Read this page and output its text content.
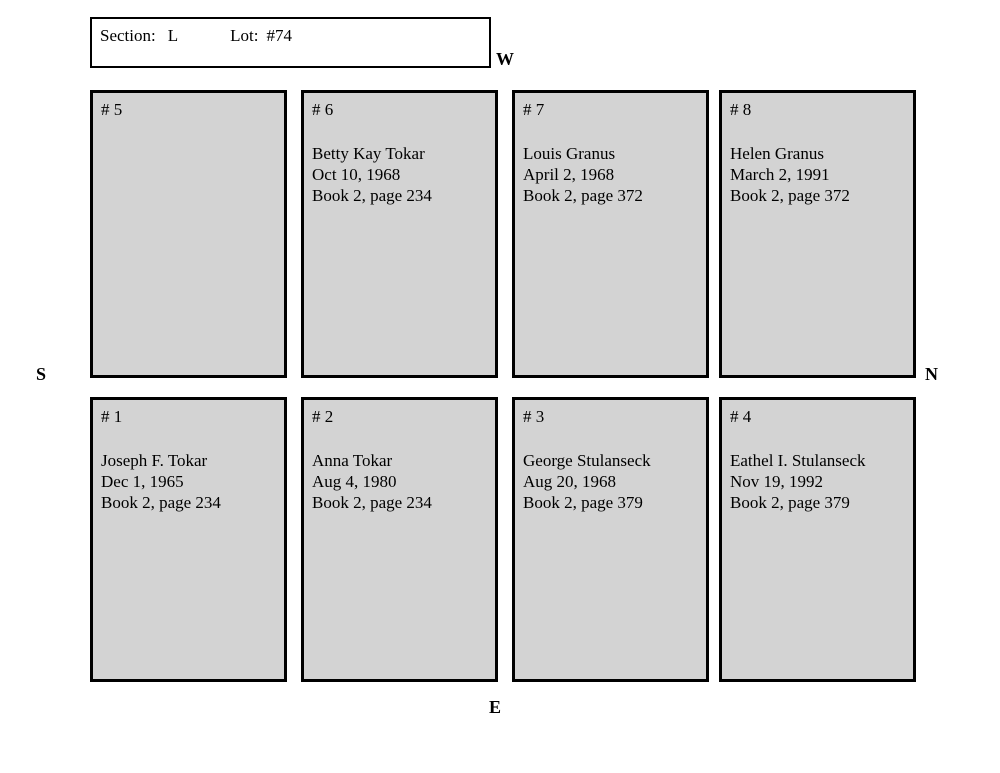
Section: L	Lot: #74
W
S	N
E
# 5	# 6
Betty Kay Tokar
Oct 10, 1968
Book 2, page 234
# 7
Louis Granus
April 2, 1968
Book 2, page 372
# 8
Helen Granus
March 2, 1991
Book 2, page 372
# 1
Joseph F. Tokar
Dec 1, 1965
Book 2, page 234
# 2
Anna Tokar
Aug 4, 1980
Book 2, page 234
# 3
George Stulanseck
Aug 20, 1968
Book 2, page 379
# 4
Eathel I. Stulanseck
Nov 19, 1992
Book 2, page 379
